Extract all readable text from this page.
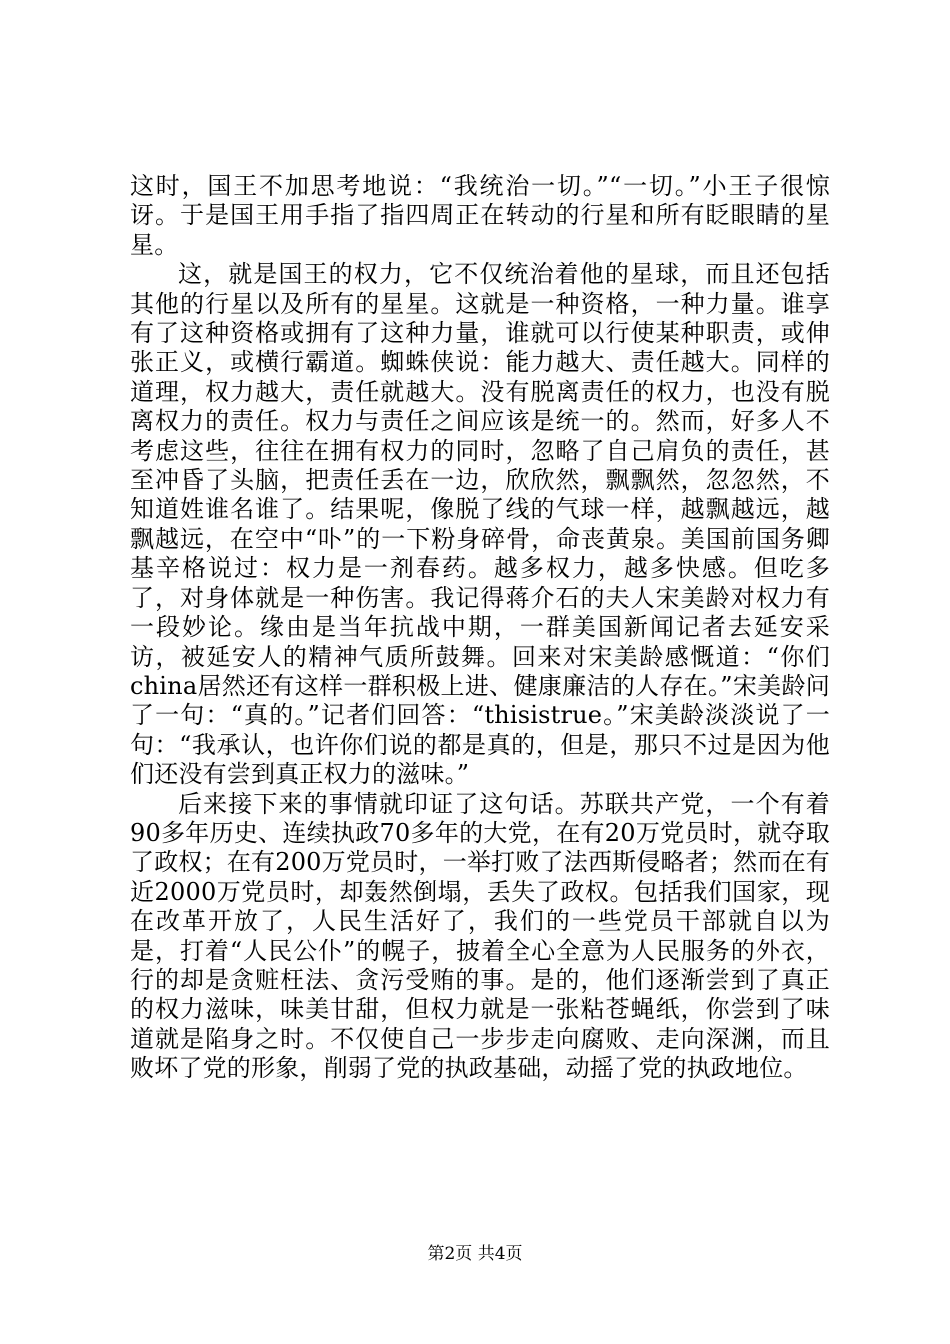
这时，国王不加思考地说：“我统治一切。”“一切。”小王子很惊讶。于是国王用手指了指四周正在转动的行星和所有眨眼睛的星星。

这，就是国王的权力，它不仅统治着他的星球，而且还包括其他的行星以及所有的星星。这就是一种资格，一种力量。谁享有了这种资格或拥有了这种力量，谁就可以行使某种职责，或伸张正义，或横行霸道。蜘蛛侠说：能力越大、责任越大。同样的道理，权力越大，责任就越大。没有脱离责任的权力，也没有脱离权力的责任。权力与责任之间应该是统一的。然而，好多人不考虑这些，往往在拥有权力的同时，忽略了自己肩负的责任，甚至冲昏了头脑，把责任丢在一边，欣欣然，飘飘然，忽忽然，不知道姓谁名谁了。结果呢，像脱了线的气球一样，越飘越远，越飘越远，在空中“卟”的一下粉身碎骨，命丧黄泉。美国前国务卿基辛格说过：权力是一剂春药。越多权力，越多快感。但吃多了，对身体就是一种伤害。我记得蒋介石的夫人宋美龄对权力有一段妙论。缘由是当年抗战中期，一群美国新闻记者去延安采访，被延安人的精神气质所鼓舞。回来对宋美龄感慨道：“你们china居然还有这样一群积极上进、健康廉洁的人存在。”宋美龄问了一句：“真的。”记者们回答：“thisistrue。”宋美龄淡淡说了一句：“我承认，也许你们说的都是真的，但是，那只不过是因为他们还没有尝到真正权力的滋味。”

后来接下来的事情就印证了这句话。苏联共产党，一个有着90多年历史、连续执政70多年的大党，在有20万党员时，就夺取了政权；在有200万党员时，一举打败了法西斯侵略者；然而在有近2000万党员时，却轰然倒塌，丢失了政权。包括我们国家，现在改革开放了，人民生活好了，我们的一些党员干部就自以为是，打着“人民公仆”的幌子，披着全心全意为人民服务的外衣，行的却是贪赃枉法、贪污受贿的事。是的，他们逐渐尝到了真正的权力滋味，味美甘甜，但权力就是一张粘苍蝇纸，你尝到了味道就是陷身之时。不仅使自己一步步走向腐败、走向深渊，而且败坏了党的形象，削弱了党的执政基础，动摇了党的执政地位。

第2页 共4页
